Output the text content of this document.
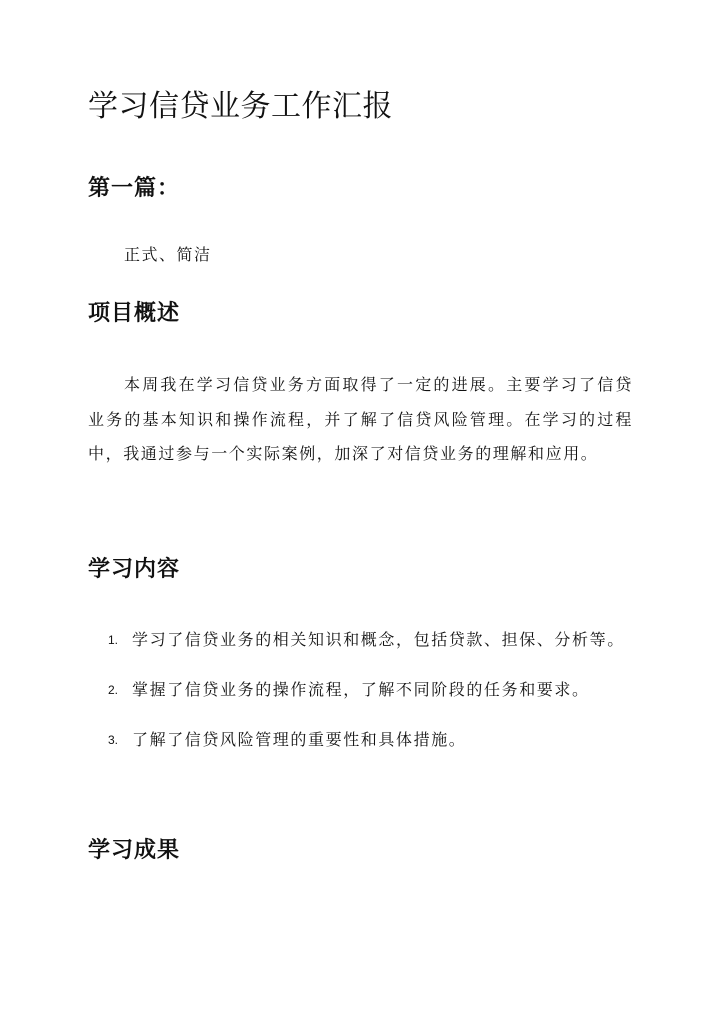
学习信贷业务工作汇报
第一篇：
正式、简洁
项目概述

本周我在学习信贷业务方面取得了一定的进展。主要学习了信贷业务的基本知识和操作流程，并了解了信贷风险管理。在学习的过程中，我通过参与一个实际案例，加深了对信贷业务的理解和应用。

学习内容
1. 学习了信贷业务的相关知识和概念，包括贷款、担保、分析等。
2. 掌握了信贷业务的操作流程，了解不同阶段的任务和要求。
3. 了解了信贷风险管理的重要性和具体措施。
学习成果
